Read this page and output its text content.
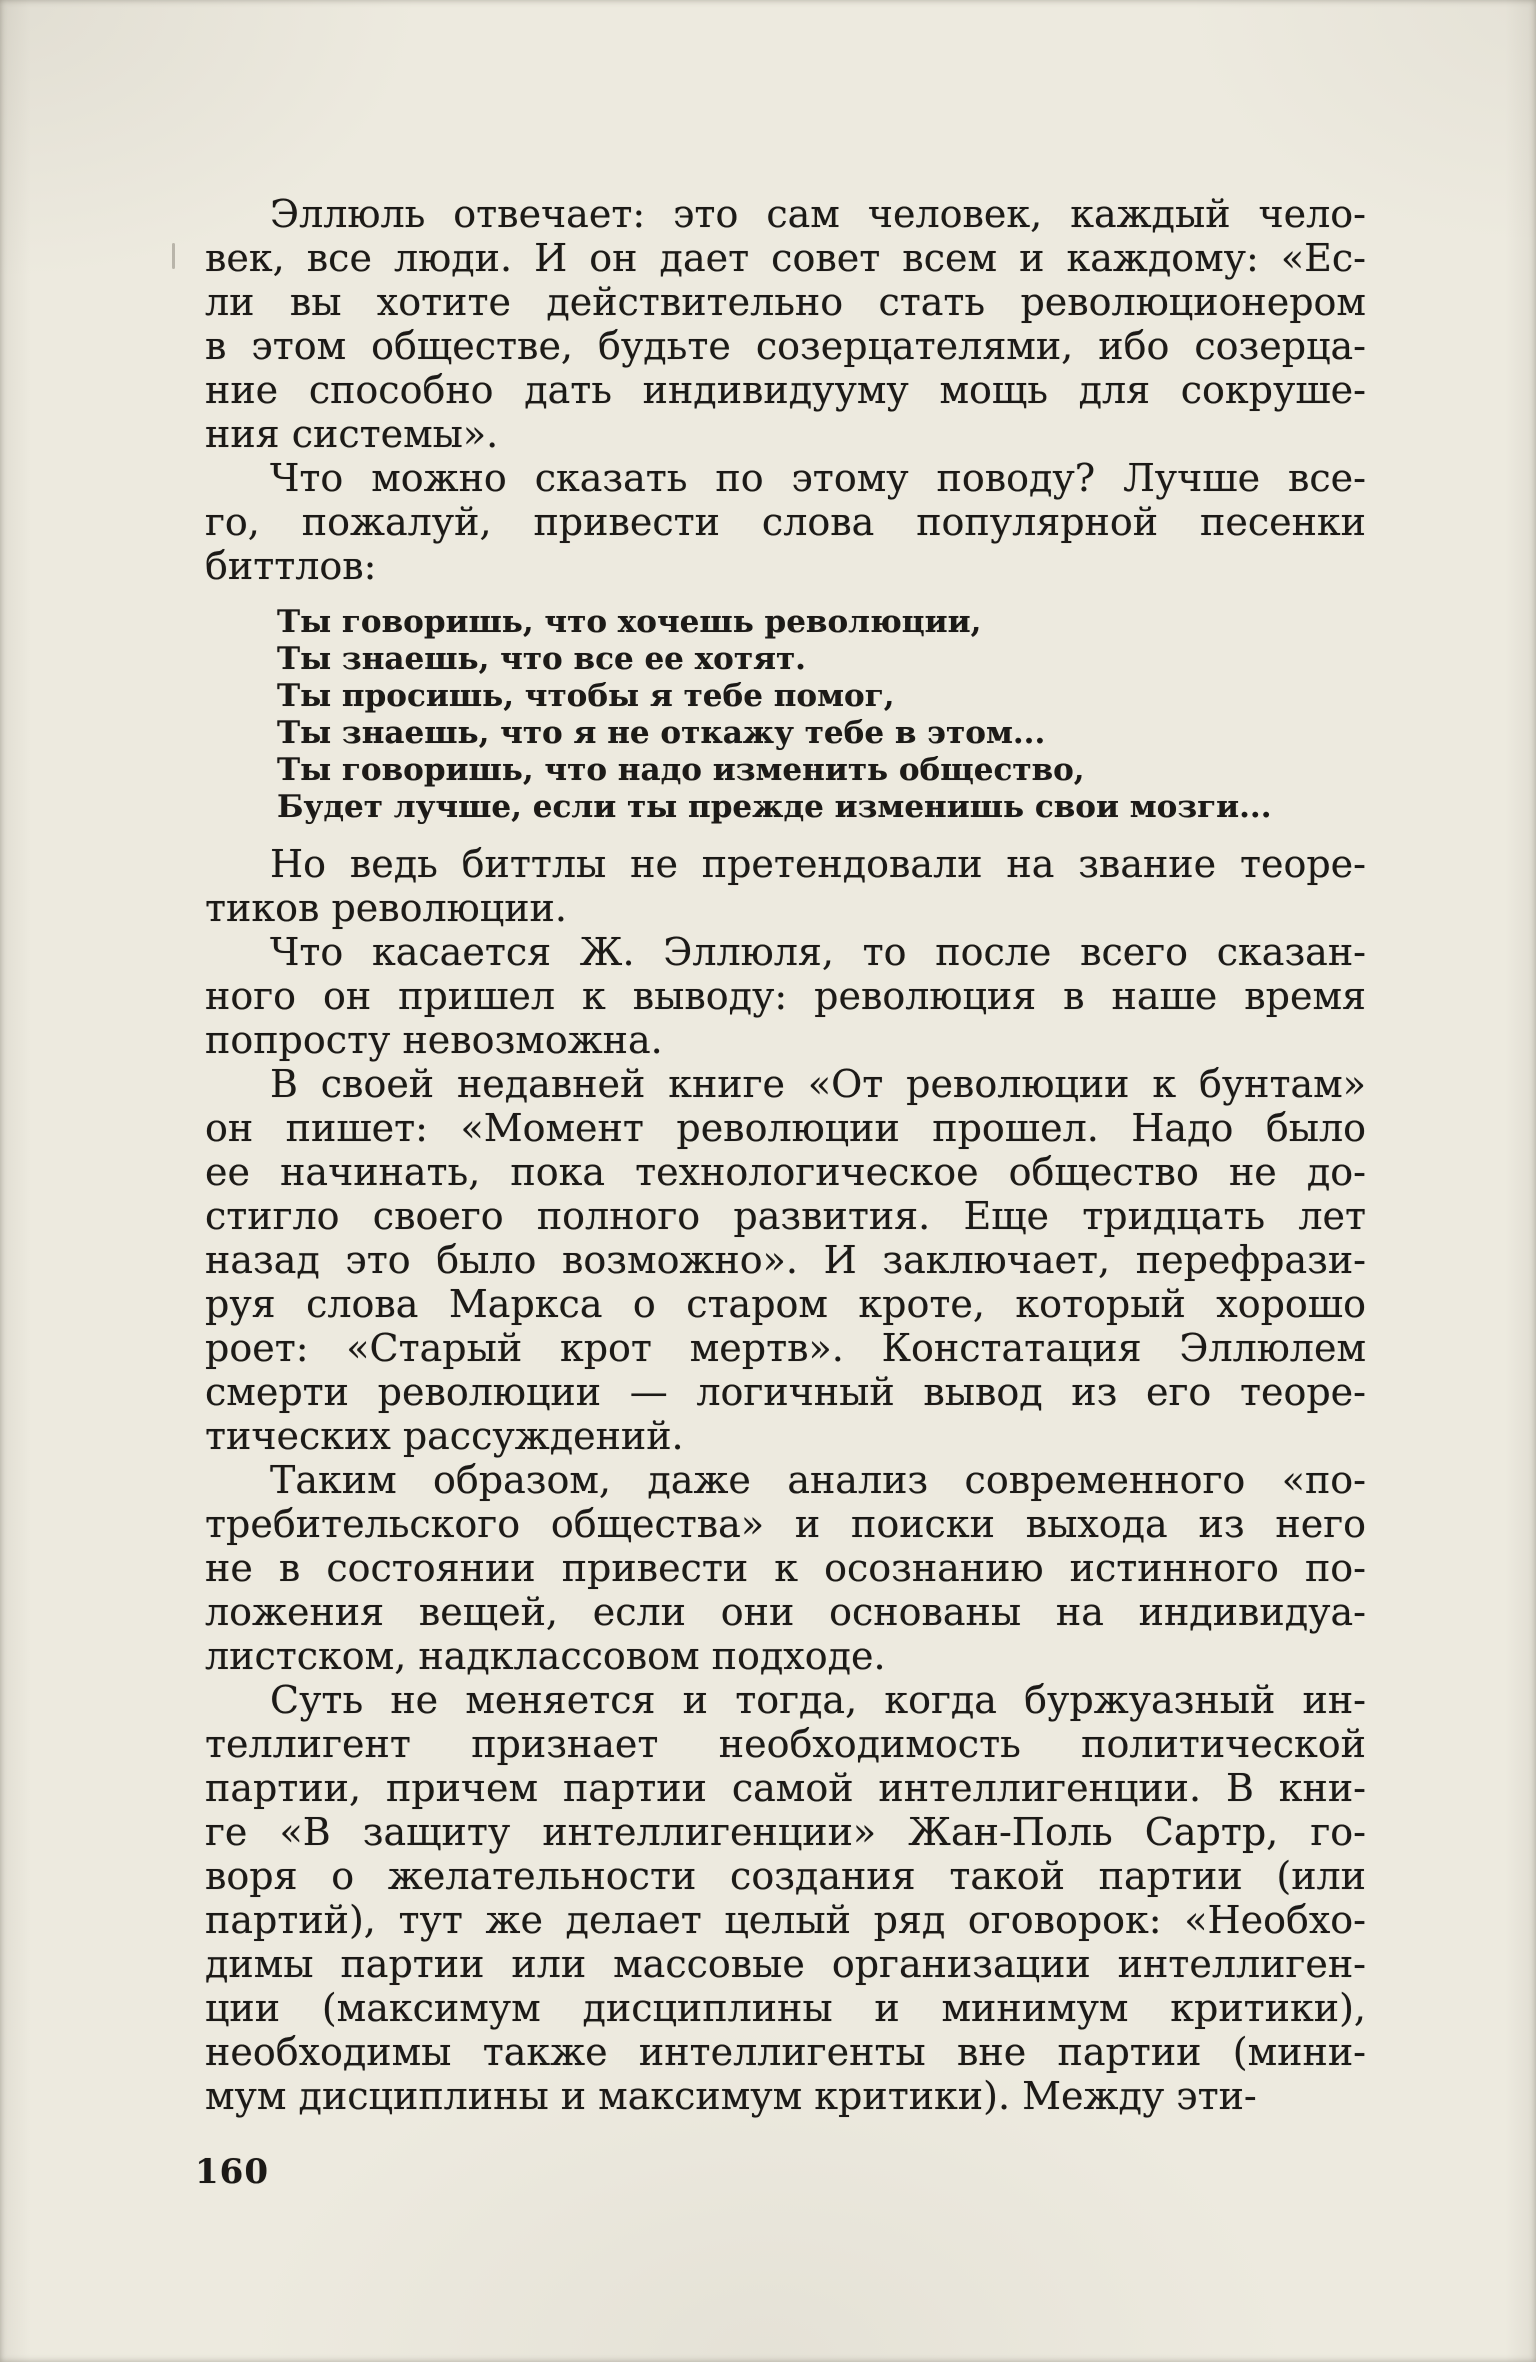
Эллюль отвечает: это сам человек, каждый чело-
век, все люди. И он дает совет всем и каждому: «Ес-
ли вы хотите действительно стать революционером
в этом обществе, будьте созерцателями, ибо созерца-
ние способно дать индивидууму мощь для сокруше-
ния системы».
Что можно сказать по этому поводу? Лучше все-
го, пожалуй, привести слова популярной песенки
биттлов:
Ты говоришь, что хочешь революции,
Ты знаешь, что все ее хотят.
Ты просишь, чтобы я тебе помог,
Ты знаешь, что я не откажу тебе в этом...
Ты говоришь, что надо изменить общество,
Будет лучше, если ты прежде изменишь свои мозги...
Но ведь биттлы не претендовали на звание теоре-
тиков революции.
Что касается Ж. Эллюля, то после всего сказан-
ного он пришел к выводу: революция в наше время
попросту невозможна.
В своей недавней книге «От революции к бунтам»
он пишет: «Момент революции прошел. Надо было
ее начинать, пока технологическое общество не до-
стигло своего полного развития. Еще тридцать лет
назад это было возможно». И заключает, перефрази-
руя слова Маркса о старом кроте, который хорошо
роет: «Старый крот мертв». Констатация Эллюлем
смерти революции — логичный вывод из его теоре-
тических рассуждений.
Таким образом, даже анализ современного «по-
требительского общества» и поиски выхода из него
не в состоянии привести к осознанию истинного по-
ложения вещей, если они основаны на индивидуа-
листском, надклассовом подходе.
Суть не меняется и тогда, когда буржуазный ин-
теллигент признает необходимость политической
партии, причем партии самой интеллигенции. В кни-
ге «В защиту интеллигенции» Жан-Поль Сартр, го-
воря о желательности создания такой партии (или
партий), тут же делает целый ряд оговорок: «Необхо-
димы партии или массовые организации интеллиген-
ции (максимум дисциплины и минимум критики),
необходимы также интеллигенты вне партии (мини-
мум дисциплины и максимум критики). Между эти-
160
